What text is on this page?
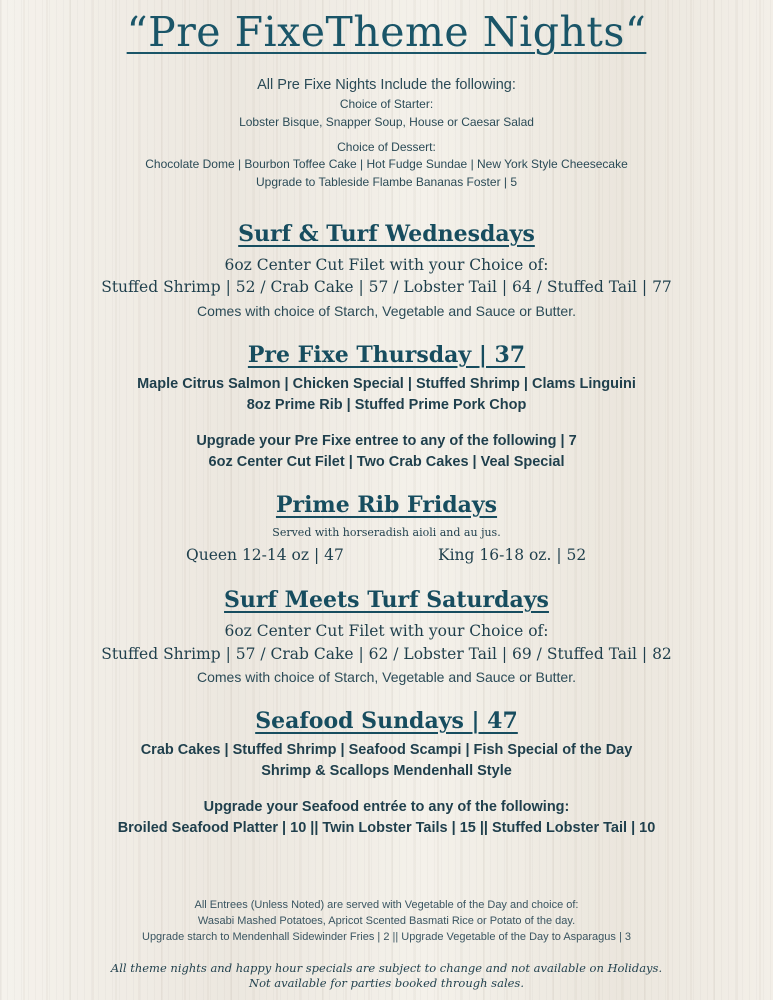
“Pre FixeTheme Nights“
All Pre Fixe Nights Include the following:
Choice of Starter:
Lobster Bisque, Snapper Soup, House or Caesar Salad
Choice of Dessert:
Chocolate Dome | Bourbon Toffee Cake | Hot Fudge Sundae | New York Style Cheesecake
Upgrade to Tableside Flambe Bananas Foster | 5
Surf & Turf Wednesdays
6oz Center Cut Filet with your Choice of:
Stuffed Shrimp | 52 / Crab Cake | 57 / Lobster Tail | 64 / Stuffed Tail | 77
Comes with choice of Starch, Vegetable and Sauce or Butter.
Pre Fixe Thursday | 37
Maple Citrus Salmon | Chicken Special | Stuffed Shrimp | Clams Linguini
8oz Prime Rib | Stuffed Prime Pork Chop
Upgrade your Pre Fixe entree to any of the following | 7
6oz Center Cut Filet | Two Crab Cakes | Veal Special
Prime Rib Fridays
Served with horseradish aioli and au jus.
Queen 12-14 oz | 47	King 16-18 oz. | 52
Surf Meets Turf Saturdays
6oz Center Cut Filet with your Choice of:
Stuffed Shrimp | 57 / Crab Cake | 62 / Lobster Tail | 69 / Stuffed Tail | 82
Comes with choice of Starch, Vegetable and Sauce or Butter.
Seafood Sundays | 47
Crab Cakes | Stuffed Shrimp | Seafood Scampi | Fish Special of the Day
Shrimp & Scallops Mendenhall Style
Upgrade your Seafood entrée to any of the following:
Broiled Seafood Platter | 10 || Twin Lobster Tails | 15 || Stuffed Lobster Tail | 10
All Entrees (Unless Noted) are served with Vegetable of the Day and choice of:
Wasabi Mashed Potatoes, Apricot Scented Basmati Rice or Potato of the day.
Upgrade starch to Mendenhall Sidewinder Fries | 2 || Upgrade Vegetable of the Day to Asparagus | 3
All theme nights and happy hour specials are subject to change and not available on Holidays.
Not available for parties booked through sales.
